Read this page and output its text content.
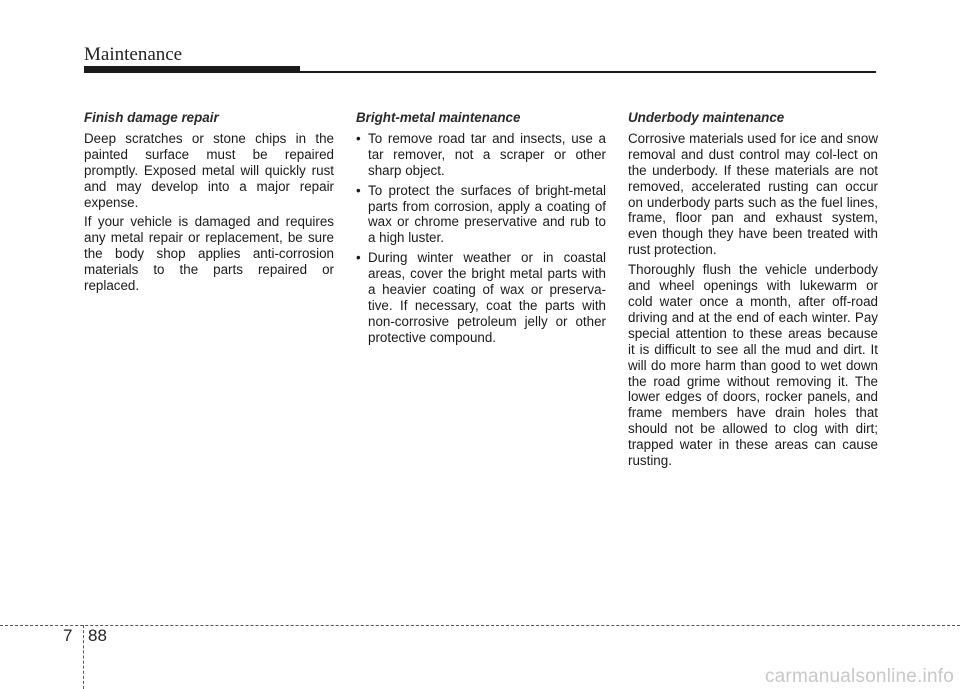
Maintenance
Finish damage repair

Deep scratches or stone chips in the painted surface must be repaired promptly. Exposed metal will quickly rust and may develop into a major repair expense.

If your vehicle is damaged and requires any metal repair or replacement, be sure the body shop applies anti-corrosion materials to the parts repaired or replaced.

Bright-metal maintenance
• To remove road tar and insects, use a tar remover, not a scraper or other sharp object.
• To protect the surfaces of bright-metal parts from corrosion, apply a coating of wax or chrome preservative and rub to a high luster.
• During winter weather or in coastal areas, cover the bright metal parts with a heavier coating of wax or preserva-tive. If necessary, coat the parts with non-corrosive petroleum jelly or other protective compound.
Underbody maintenance

Corrosive materials used for ice and snow removal and dust control may col-lect on the underbody. If these materials are not removed, accelerated rusting can occur on underbody parts such as the fuel lines, frame, floor pan and exhaust system, even though they have been treated with rust protection.

Thoroughly flush the vehicle underbody and wheel openings with lukewarm or cold water once a month, after off-road driving and at the end of each winter. Pay special attention to these areas because it is difficult to see all the mud and dirt. It will do more harm than good to wet down the road grime without removing it. The lower edges of doors, rocker panels, and frame members have drain holes that should not be allowed to clog with dirt; trapped water in these areas can cause rusting.

7 88
carmanualsonline.info
